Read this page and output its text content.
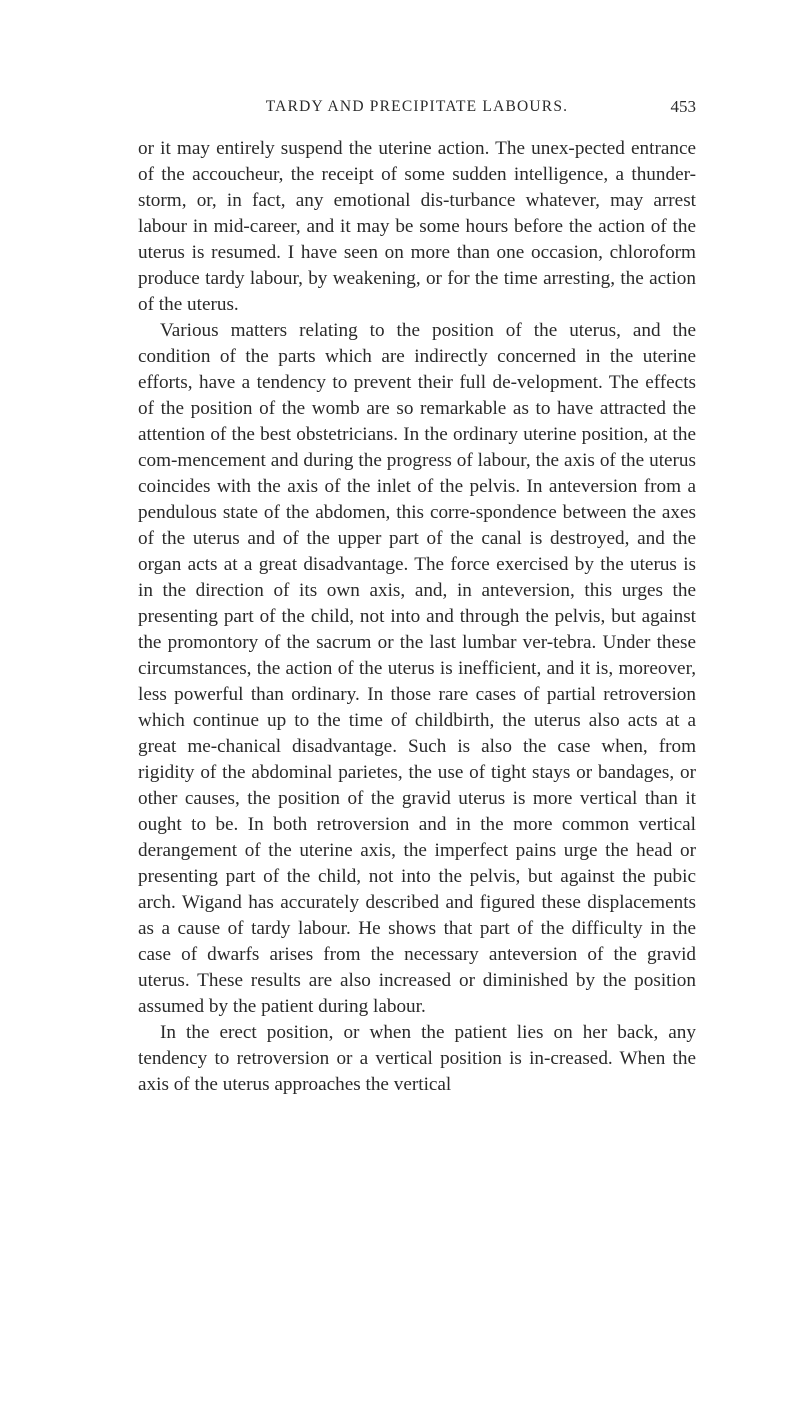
TARDY AND PRECIPITATE LABOURS.	453

or it may entirely suspend the uterine action. The unex-pected entrance of the accoucheur, the receipt of some sudden intelligence, a thunder-storm, or, in fact, any emotional dis-turbance whatever, may arrest labour in mid-career, and it may be some hours before the action of the uterus is resumed. I have seen on more than one occasion, chloroform produce tardy labour, by weakening, or for the time arresting, the action of the uterus.

Various matters relating to the position of the uterus, and the condition of the parts which are indirectly concerned in the uterine efforts, have a tendency to prevent their full de-velopment. The effects of the position of the womb are so remarkable as to have attracted the attention of the best obstetricians. In the ordinary uterine position, at the com-mencement and during the progress of labour, the axis of the uterus coincides with the axis of the inlet of the pelvis. In anteversion from a pendulous state of the abdomen, this corre-spondence between the axes of the uterus and of the upper part of the canal is destroyed, and the organ acts at a great disadvantage. The force exercised by the uterus is in the direction of its own axis, and, in anteversion, this urges the presenting part of the child, not into and through the pelvis, but against the promontory of the sacrum or the last lumbar ver-tebra. Under these circumstances, the action of the uterus is inefficient, and it is, moreover, less powerful than ordinary. In those rare cases of partial retroversion which continue up to the time of childbirth, the uterus also acts at a great me-chanical disadvantage. Such is also the case when, from rigidity of the abdominal parietes, the use of tight stays or bandages, or other causes, the position of the gravid uterus is more vertical than it ought to be. In both retroversion and in the more common vertical derangement of the uterine axis, the imperfect pains urge the head or presenting part of the child, not into the pelvis, but against the pubic arch. Wigand has accurately described and figured these displacements as a cause of tardy labour. He shows that part of the difficulty in the case of dwarfs arises from the necessary anteversion of the gravid uterus. These results are also increased or diminished by the position assumed by the patient during labour.

In the erect position, or when the patient lies on her back, any tendency to retroversion or a vertical position is in-creased. When the axis of the uterus approaches the vertical
